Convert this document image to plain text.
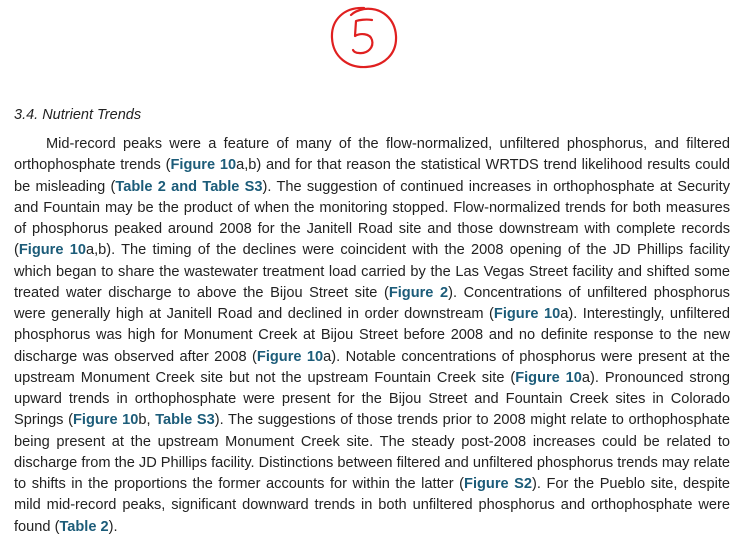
3.4. Nutrient Trends

Mid-record peaks were a feature of many of the flow-normalized, unfiltered phosphorus, and filtered orthophosphate trends (Figure 10a,b) and for that reason the statistical WRTDS trend likelihood results could be misleading (Table 2 and Table S3). The suggestion of continued increases in orthophosphate at Security and Fountain may be the product of when the monitoring stopped. Flow-normalized trends for both measures of phosphorus peaked around 2008 for the Janitell Road site and those downstream with complete records (Figure 10a,b). The timing of the declines were coincident with the 2008 opening of the JD Phillips facility which began to share the wastewater treatment load carried by the Las Vegas Street facility and shifted some treated water discharge to above the Bijou Street site (Figure 2). Concentrations of unfiltered phosphorus were generally high at Janitell Road and declined in order downstream (Figure 10a). Interestingly, unfiltered phosphorus was high for Monument Creek at Bijou Street before 2008 and no definite response to the new discharge was observed after 2008 (Figure 10a). Notable concentrations of phosphorus were present at the upstream Monument Creek site but not the upstream Fountain Creek site (Figure 10a). Pronounced strong upward trends in orthophosphate were present for the Bijou Street and Fountain Creek sites in Colorado Springs (Figure 10b, Table S3). The suggestions of those trends prior to 2008 might relate to orthophosphate being present at the upstream Monument Creek site. The steady post-2008 increases could be related to discharge from the JD Phillips facility. Distinctions between filtered and unfiltered phosphorus trends may relate to shifts in the proportions the former accounts for within the latter (Figure S2). For the Pueblo site, despite mild mid-record peaks, significant downward trends in both unfiltered phosphorus and orthophosphate were found (Table 2).
